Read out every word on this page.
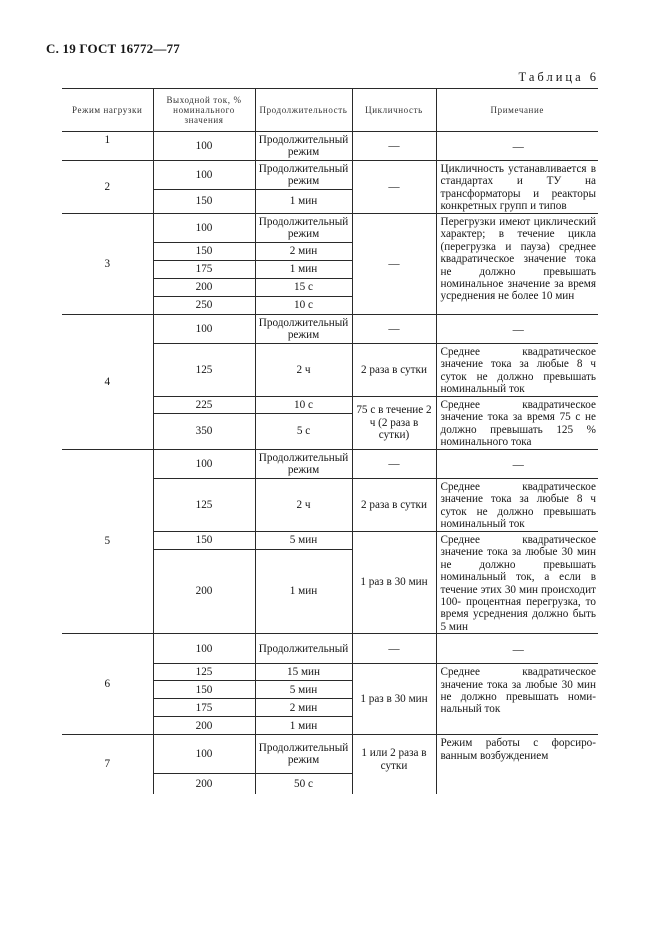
С. 19 ГОСТ 16772—77
Таблица 6
Режим нагрузки	Выходной ток, % номинального значения	Продолжительность	Цикличность	Примечание
1	100	Продолжительный режим	—	—
2	100	Продолжительный режим	—	Цикличность устанавливается в стандартах и ТУ на трансформаторы и реакторы конкретных групп и типов
	150	1 мин		
3	100	Продолжительный режим	—	Перегрузки имеют циклический характер; в течение цикла (перегрузка и пауза) среднее квадратическое значение тока не должно превышать номинальное значение за время усреднения не более 10 мин
	150	2 мин		
	175	1 мин		
	200	15 с		
	250	10 с		
4	100	Продолжительный режим	—	—
	125	2 ч	2 раза в сутки	Среднее квадратическое значение тока за любые 8 ч суток не должно превышать номинальный ток
	225	10 с	75 с в течение 2 ч (2 раза в сутки)	Среднее квадратическое значение тока за время 75 с не должно превышать 125 % номинального тока
	350	5 с		
5	100	Продолжительный режим	—	—
	125	2 ч	2 раза в сутки	Среднее квадратическое значение тока за любые 8 ч суток не должно превышать номинальный ток
	150	5 мин	1 раз в 30 мин	Среднее квадратическое значение тока за любые 30 мин не должно превышать номинальный ток, а если в течение этих 30 мин происходит 100- процентная перегрузка, то время усреднения должно быть 5 мин
	200	1 мин		
6	100	Продолжительный	—	—
	125	15 мин	1 раз в 30 мин	Среднее квадратическое значение тока за любые 30 мин не должно превышать номинальный ток
	150	5 мин		
	175	2 мин		
	200	1 мин		
7	100	Продолжительный режим	1 или 2 раза в сутки	Режим работы с форсированным возбуждением
	200	50 с		
